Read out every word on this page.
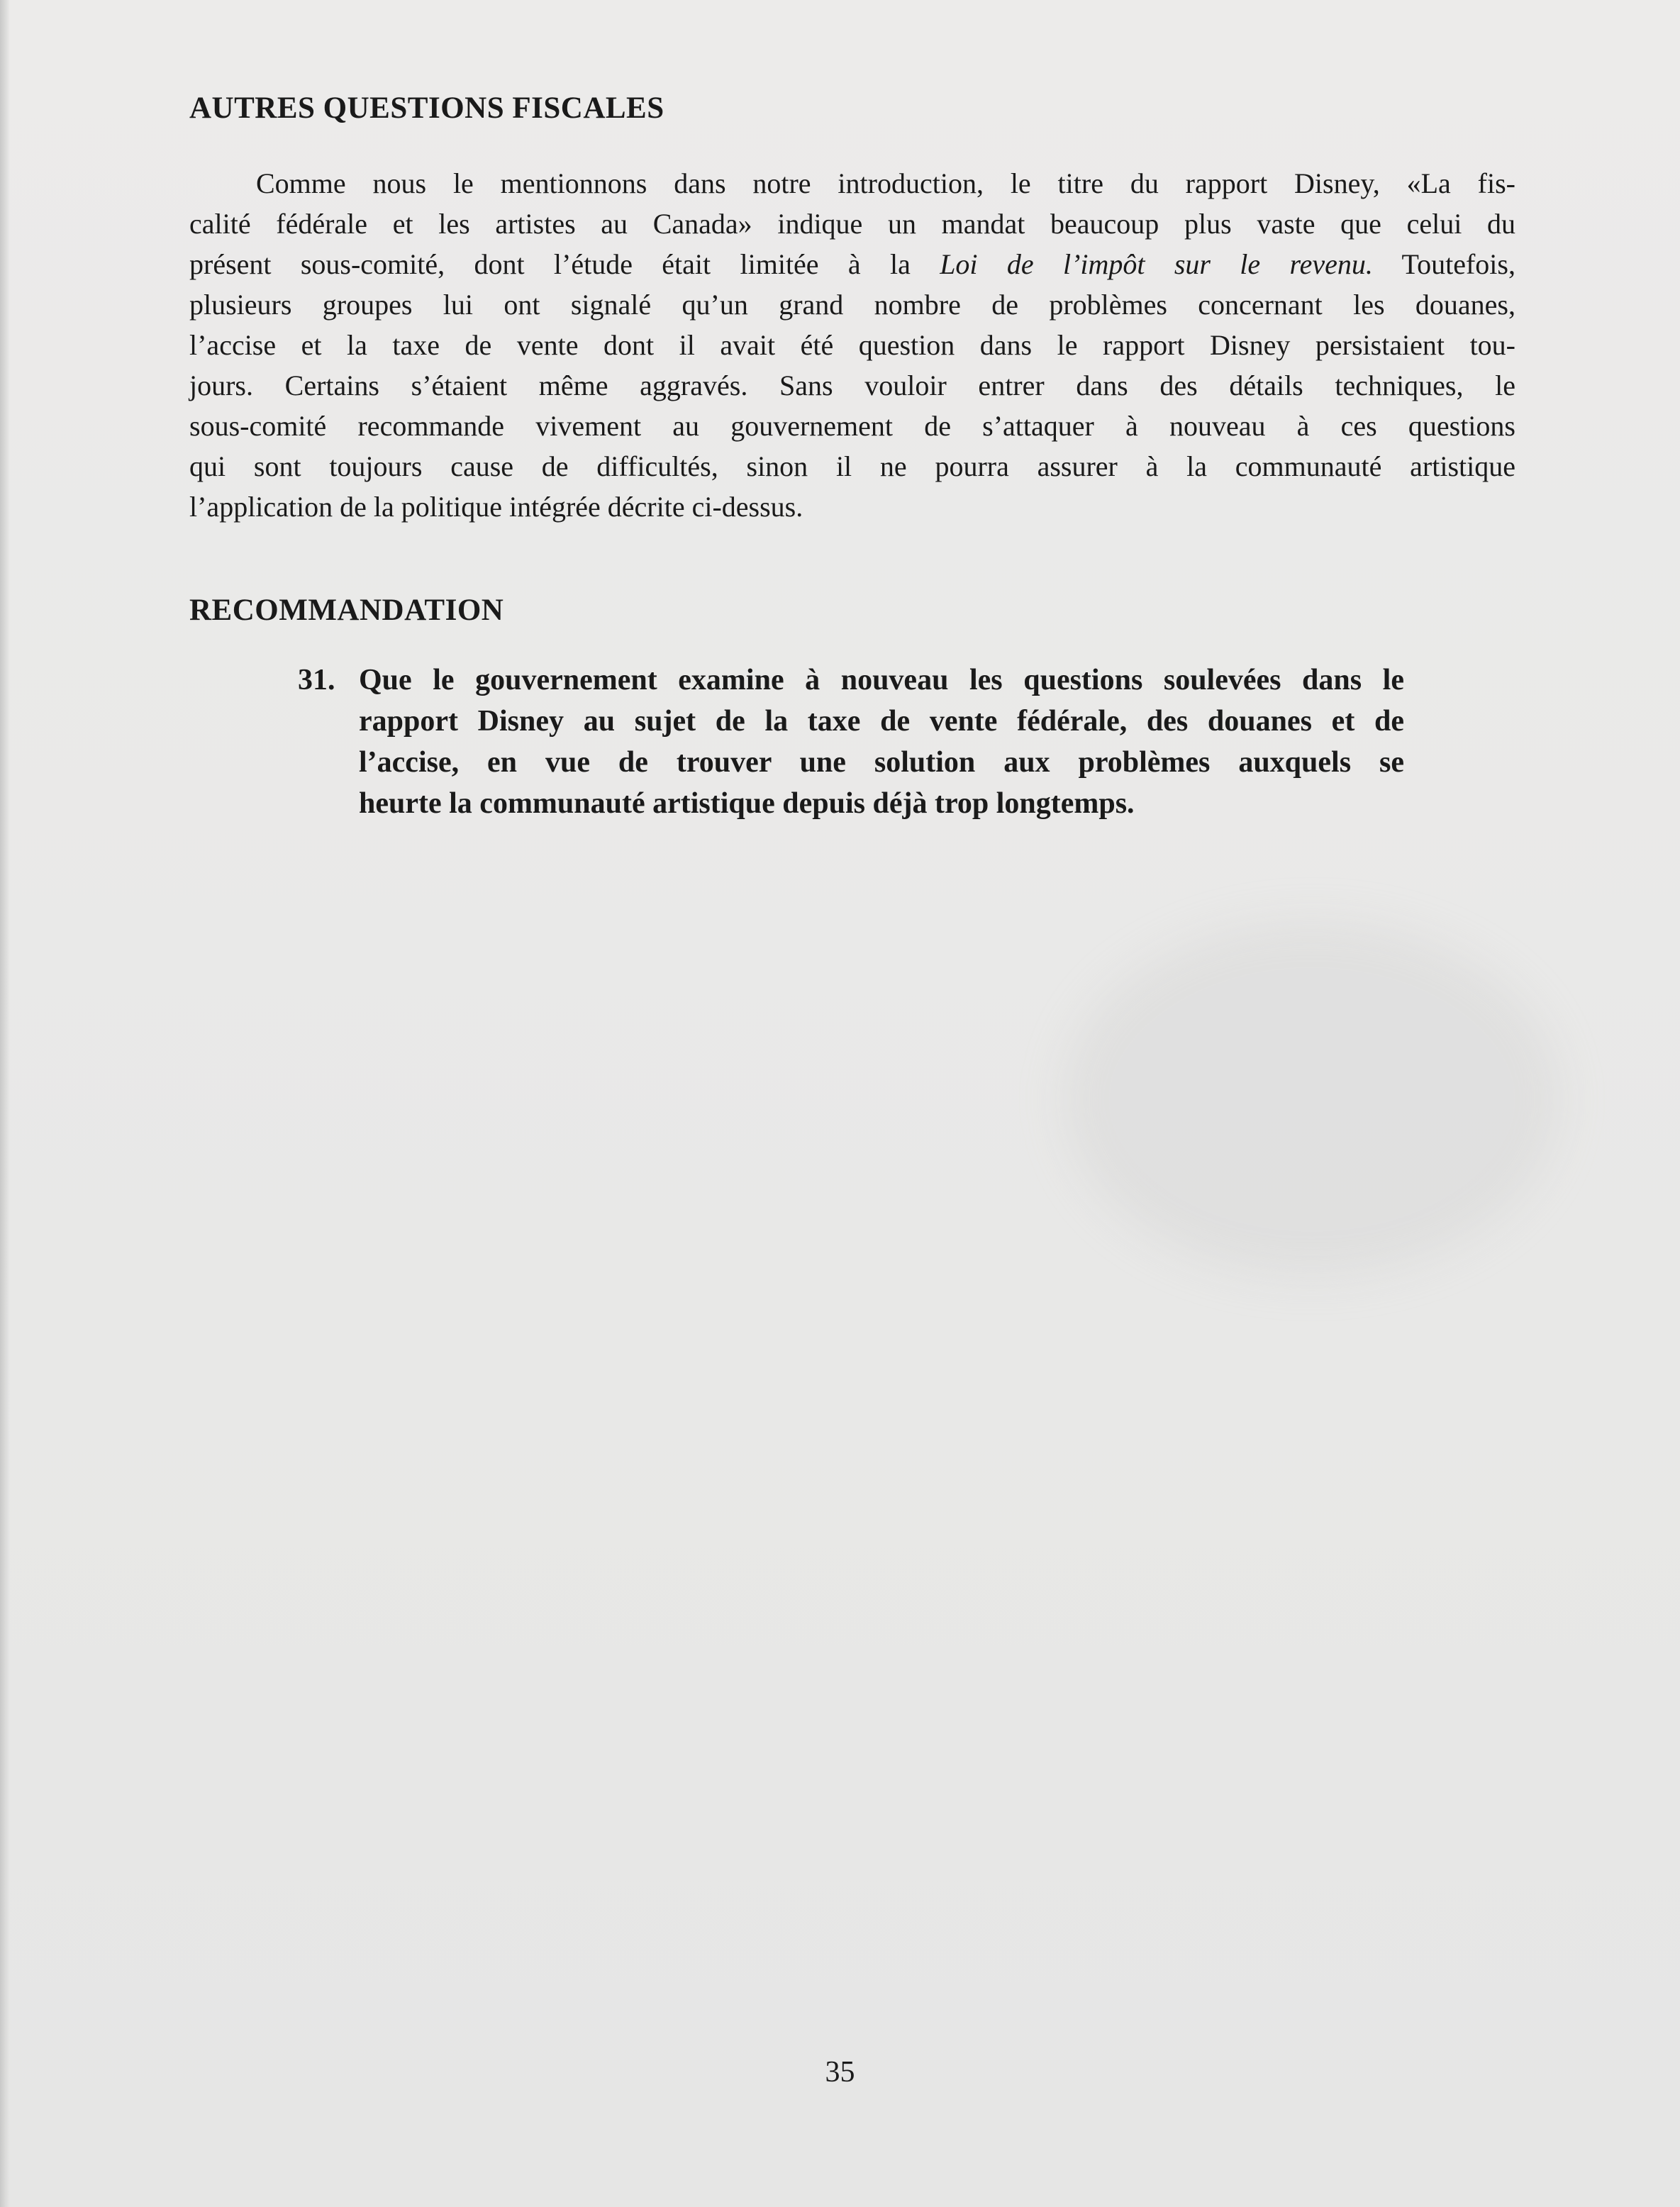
AUTRES QUESTIONS FISCALES

Comme nous le mentionnons dans notre introduction, le titre du rapport Disney, «La fis-
calité fédérale et les artistes au Canada» indique un mandat beaucoup plus vaste que celui du
présent sous-comité, dont l’étude était limitée à la Loi de l’impôt sur le revenu. Toutefois,
plusieurs groupes lui ont signalé qu’un grand nombre de problèmes concernant les douanes,
l’accise et la taxe de vente dont il avait été question dans le rapport Disney persistaient tou-
jours. Certains s’étaient même aggravés. Sans vouloir entrer dans des détails techniques, le
sous-comité recommande vivement au gouvernement de s’attaquer à nouveau à ces questions
qui sont toujours cause de difficultés, sinon il ne pourra assurer à la communauté artistique
l’application de la politique intégrée décrite ci-dessus.

RECOMMANDATION
31. Que le gouvernement examine à nouveau les questions soulevées dans le
rapport Disney au sujet de la taxe de vente fédérale, des douanes et de
l’accise, en vue de trouver une solution aux problèmes auxquels se
heurte la communauté artistique depuis déjà trop longtemps.
35
